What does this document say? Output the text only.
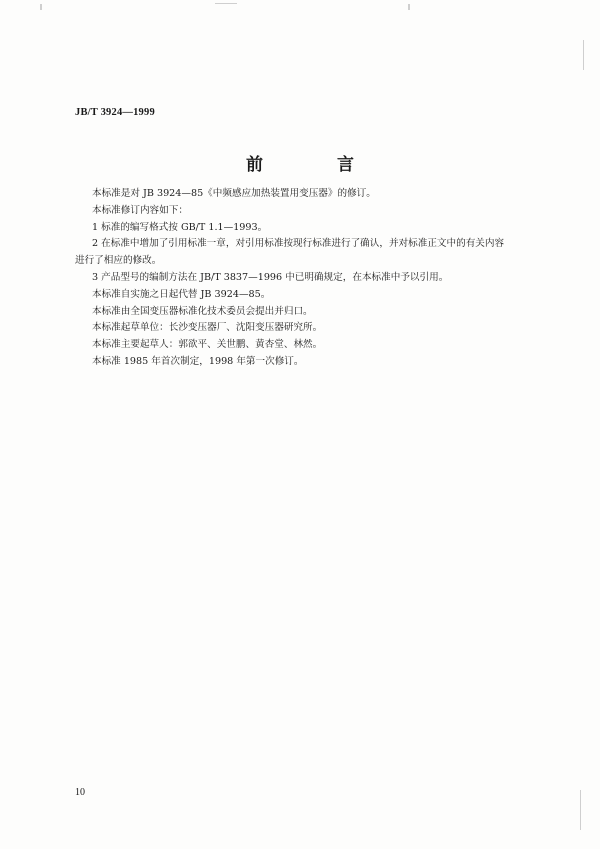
JB/T 3924—1999
前 言

本标准是对 JB 3924—85《中频感应加热装置用变压器》的修订。

本标准修订内容如下：

1 标准的编写格式按 GB/T 1.1—1993。

2 在标准中增加了引用标准一章，对引用标准按现行标准进行了确认，并对标准正文中的有关内容

进行了相应的修改。

3 产品型号的编制方法在 JB/T 3837—1996 中已明确规定，在本标准中予以引用。

本标准自实施之日起代替 JB 3924—85。

本标准由全国变压器标准化技术委员会提出并归口。

本标准起草单位：长沙变压器厂、沈阳变压器研究所。

本标准主要起草人：郭欲平、关世鹏、黄杏堂、林然。

本标准 1985 年首次制定，1998 年第一次修订。

10
